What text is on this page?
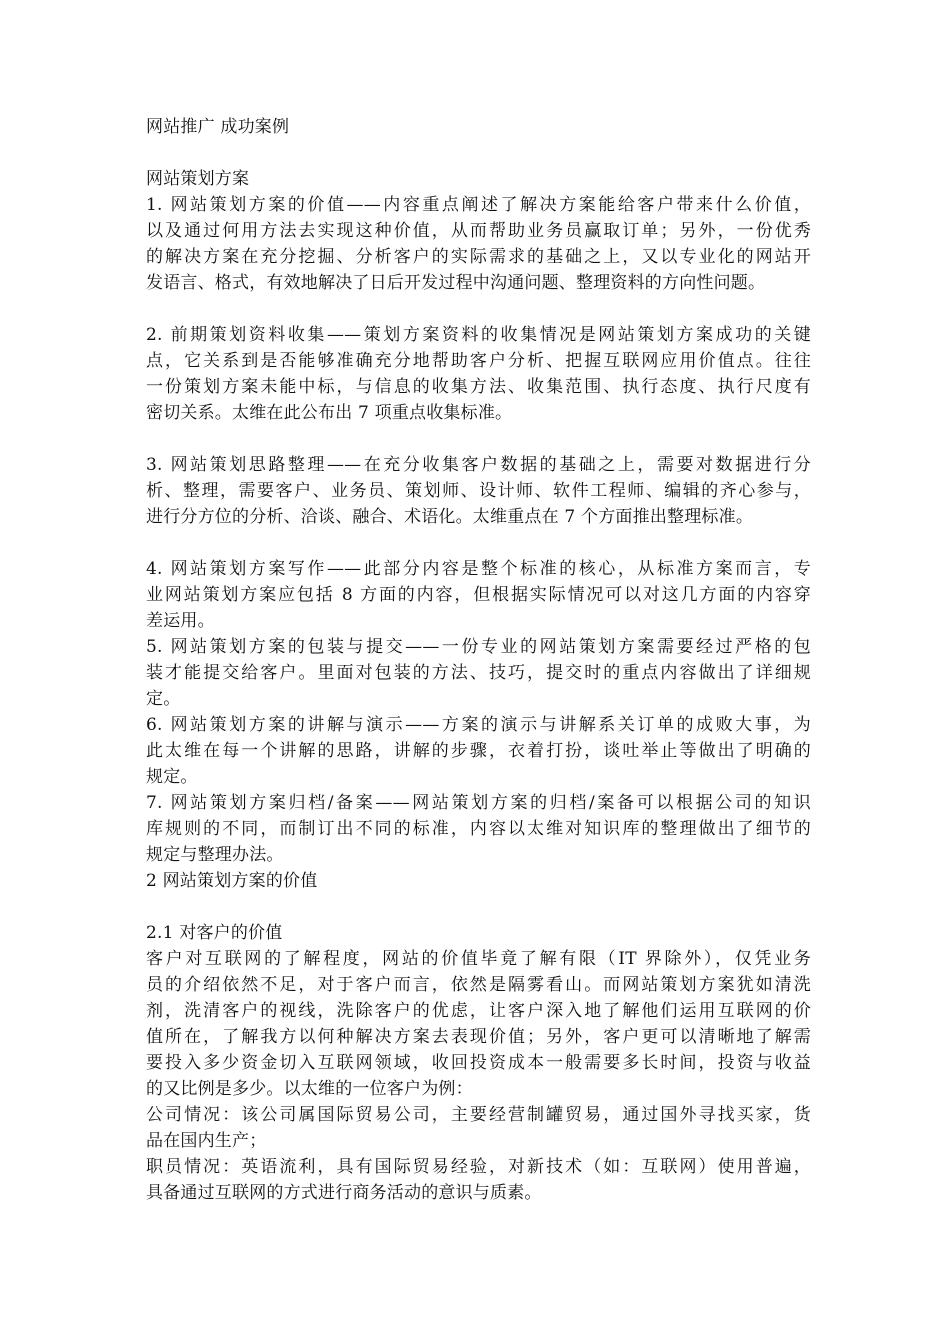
网站推广 成功案例
网站策划方案
1. 网站策划方案的价值——内容重点阐述了解决方案能给客户带来什么价值，
以及通过何用方法去实现这种价值，从而帮助业务员赢取订单；另外，一份优秀
的解决方案在充分挖掘、分析客户的实际需求的基础之上，又以专业化的网站开
发语言、格式，有效地解决了日后开发过程中沟通问题、整理资料的方向性问题。
2. 前期策划资料收集——策划方案资料的收集情况是网站策划方案成功的关键
点，它关系到是否能够准确充分地帮助客户分析、把握互联网应用价值点。往往
一份策划方案未能中标，与信息的收集方法、收集范围、执行态度、执行尺度有
密切关系。太维在此公布出 7 项重点收集标准。
3. 网站策划思路整理——在充分收集客户数据的基础之上，需要对数据进行分
析、整理，需要客户、业务员、策划师、设计师、软件工程师、编辑的齐心参与，
进行分方位的分析、洽谈、融合、术语化。太维重点在 7 个方面推出整理标准。
4. 网站策划方案写作——此部分内容是整个标准的核心，从标准方案而言，专
业网站策划方案应包括 8 方面的内容，但根据实际情况可以对这几方面的内容穿
差运用。
5. 网站策划方案的包装与提交——一份专业的网站策划方案需要经过严格的包
装才能提交给客户。里面对包装的方法、技巧，提交时的重点内容做出了详细规
定。
6. 网站策划方案的讲解与演示——方案的演示与讲解系关订单的成败大事，为
此太维在每一个讲解的思路，讲解的步骤，衣着打扮，谈吐举止等做出了明确的
规定。
7. 网站策划方案归档/备案——网站策划方案的归档/案备可以根据公司的知识
库规则的不同，而制订出不同的标准，内容以太维对知识库的整理做出了细节的
规定与整理办法。
2 网站策划方案的价值
2.1 对客户的价值
客户对互联网的了解程度，网站的价值毕竟了解有限（IT 界除外），仅凭业务
员的介绍依然不足，对于客户而言，依然是隔雾看山。而网站策划方案犹如清洗
剂，洗清客户的视线，洗除客户的优虑，让客户深入地了解他们运用互联网的价
值所在，了解我方以何种解决方案去表现价值；另外，客户更可以清晰地了解需
要投入多少资金切入互联网领域，收回投资成本一般需要多长时间，投资与收益
的又比例是多少。以太维的一位客户为例：
公司情况：该公司属国际贸易公司，主要经营制罐贸易，通过国外寻找买家，货
品在国内生产；
职员情况：英语流利，具有国际贸易经验，对新技术（如：互联网）使用普遍，
具备通过互联网的方式进行商务活动的意识与质素。
